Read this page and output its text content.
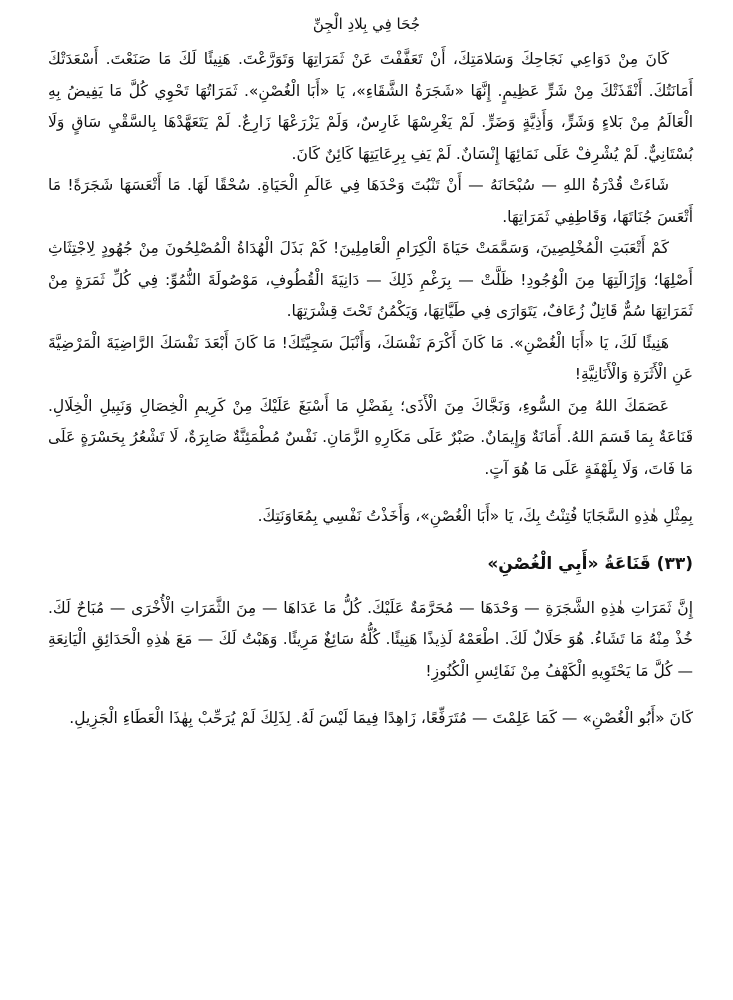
جُحَا فِي بِلادِ الْجِنِّ

كَانَ مِنْ دَوَاعِي نَجَاحِكَ وَسَلامَتِكَ، أَنْ تَعَفَّفْتَ عَنْ ثَمَرَاتِهَا وَتَوَرَّعْتَ. هَنِيئًا لَكَ مَا صَنَعْتَ. أَسْعَدَتْكَ أَمَانَتُكَ. أَنْقَذَتْكَ مِنْ شَرٍّ عَظِيمٍ. إِنَّهَا «شَجَرَةُ الشَّقَاءِ»، يَا «أَبَا الْغُصْنِ». ثَمَرَاتُهَا تَحْوِي كُلَّ مَا يَفِيضُ بِهِ الْعَالَمُ مِنْ بَلاءٍ وَشَرٍّ، وَأَذِيَّةٍ وَضَرٍّ. لَمْ يَغْرِسْهَا غَارِسٌ، وَلَمْ يَزْرَعْهَا زَارِعٌ. لَمْ يَتَعَهَّدْهَا بِالسَّقْيِ سَاقٍ وَلَا بُسْتَانِيٌّ. لَمْ يُشْرِفْ عَلَى نَمَائِهَا إِنْسَانٌ. لَمْ يَفِ بِرِعَايَتِهَا كَائِنٌ كَانَ.

شَاءَتْ قُدْرَةُ اللهِ — سُبْحَانَهُ — أَنْ تَنْبُتَ وَحْدَهَا فِي عَالَمِ الْحَيَاةِ. سُحْقًا لَهَا. مَا أَتْعَسَهَا شَجَرَةً! مَا أَتْعَسَ جُنَاتَهَا، وَقَاطِفِي ثَمَرَاتِهَا.

كَمْ أَتْعَبَتِ الْمُخْلِصِينَ، وَسَمَّمَتْ حَيَاةَ الْكِرَامِ الْعَامِلِينَ! كَمْ بَذَلَ الْهُدَاةُ الْمُصْلِحُونَ مِنْ جُهُودٍ لِاجْتِثَاثِ أَصْلِهَا؛ وَإِزَالَتِهَا مِنَ الْوُجُودِ! ظَلَّتْ — بِرَغْمِ ذَلِكَ — دَانِيَةَ الْقُطُوفِ، مَوْصُولَةَ النُّمُوِّ: فِي كُلِّ ثَمَرَةٍ مِنْ ثَمَرَاتِهَا سُمٌّ قَاتِلٌ زُعَافٌ، يَتَوَارَى فِي طَيَّاتِهَا، وَيَكْمُنُ تَحْتَ قِشْرَتِهَا.

هَنِيئًا لَكَ، يَا «أَبَا الْغُصْنِ». مَا كَانَ أَكْرَمَ نَفْسَكَ، وَأَنْبَلَ سَجِيَّتَكَ! مَا كَانَ أَبْعَدَ نَفْسَكَ الرَّاضِيَةَ الْمَرْضِيَّةَ عَنِ الْأَثَرَةِ وَالْأَنَانِيَّةِ!

عَصَمَكَ اللهُ مِنَ السُّوءِ، وَنَجَّاكَ مِنَ الْأَذَى؛ بِفَضْلِ مَا أَسْبَغَ عَلَيْكَ مِنْ كَرِيمِ الْخِصَالِ وَنَبِيلِ الْخِلَالِ. قَنَاعَةٌ بِمَا قَسَمَ اللهُ. أَمَانَةٌ وَإِيمَانٌ. صَبْرٌ عَلَى مَكَارِهِ الزَّمَانِ. نَفْسٌ مُطْمَئِنَّةٌ صَابِرَةٌ، لَا تَشْعُرُ بِحَسْرَةٍ عَلَى مَا فَاتَ، وَلَا بِلَهْفَةٍ عَلَى مَا هُوَ آتٍ.

بِمِثْلِ هٰذِهِ السَّجَايَا فُتِنْتُ بِكَ، يَا «أَبَا الْغُصْنِ»، وَأَخَذْتُ نَفْسِي بِمُعَاوَنَتِكَ.

(٣٣) قَنَاعَةُ «أَبِي الْغُصْنِ»

إِنَّ ثَمَرَاتِ هٰذِهِ الشَّجَرَةِ — وَحْدَهَا — مُحَرَّمَةٌ عَلَيْكَ. كُلُّ مَا عَدَاهَا — مِنَ الثَّمَرَاتِ الْأُخْرَى — مُبَاحٌ لَكَ. خُذْ مِنْهُ مَا تَشَاءُ. هُوَ حَلَالٌ لَكَ. اطْعَمْهُ لَذِيذًا هَنِيئًا. كُلُّهُ سَائِغٌ مَرِيئًا. وَهَبْتُ لَكَ — مَعَ هٰذِهِ الْحَدَائِقِ الْيَانِعَةِ — كُلَّ مَا يَحْتَوِيهِ الْكَهْفُ مِنْ نَفَائِسِ الْكُنُوزِ!

كَانَ «أَبُو الْغُصْنِ» — كَمَا عَلِمْتَ — مُتَرَفِّعًا، زَاهِدًا فِيمَا لَيْسَ لَهُ. لِذَلِكَ لَمْ يُرَحِّبْ بِهٰذَا الْعَطَاءِ الْجَزِيلِ.
